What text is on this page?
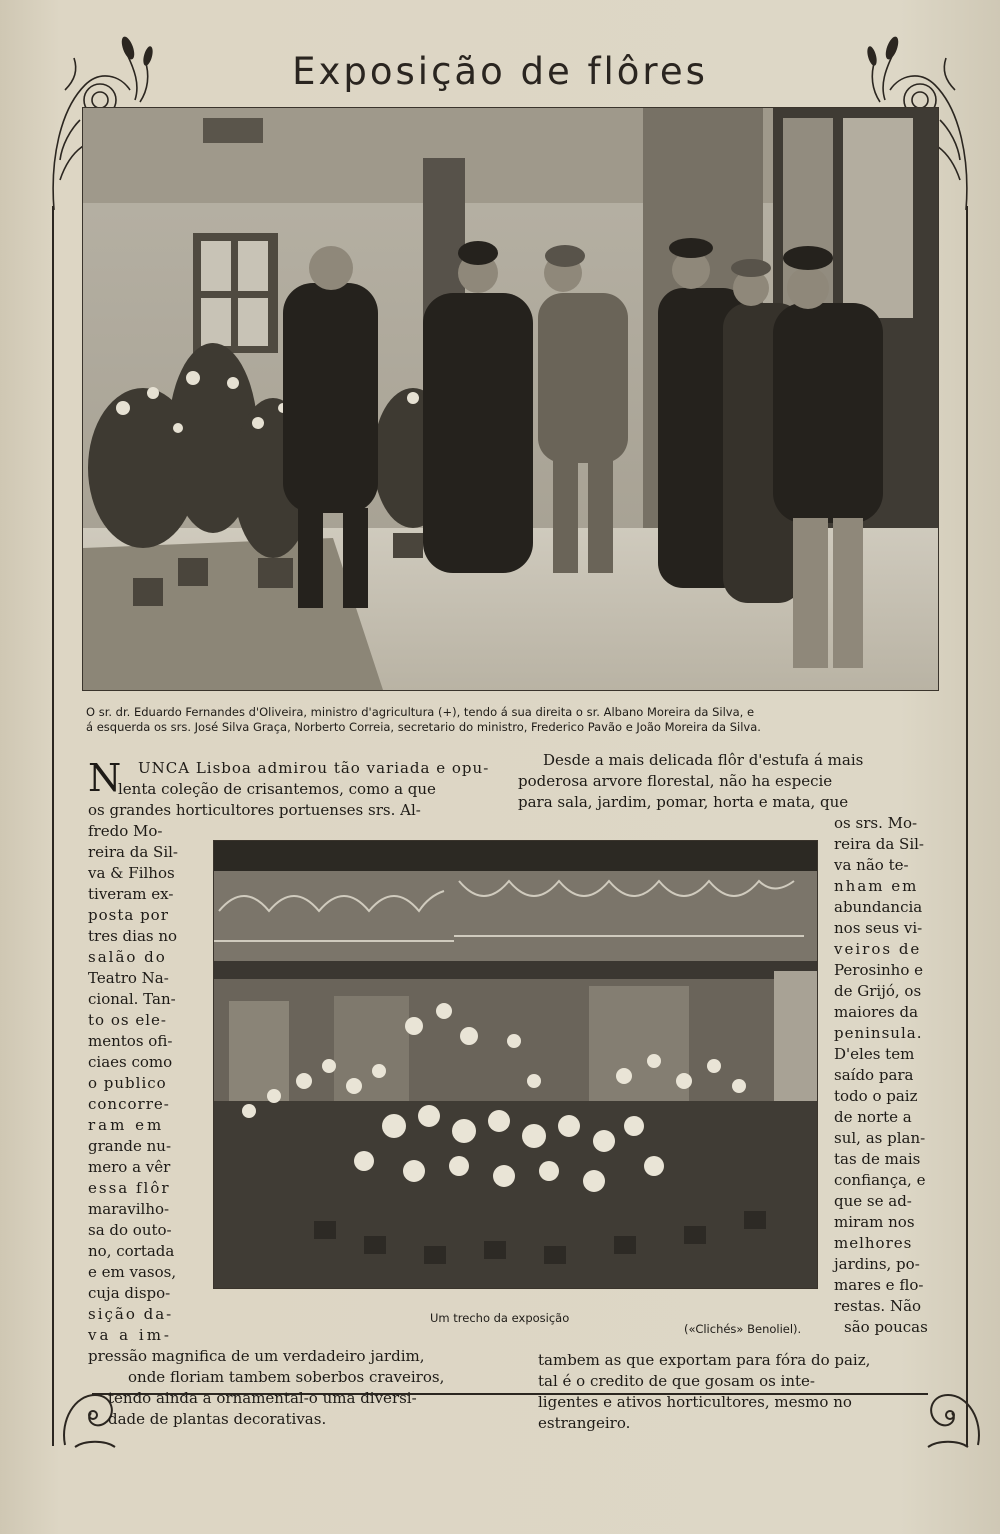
Exposição de flôres
O sr. dr. Eduardo Fernandes d'Oliveira, ministro d'agricultura (+), tendo á sua direita o sr. Albano Moreira da Silva, e
á esquerda os srs. José Silva Graça, Norberto Correia, secretario do ministro, Frederico Pavão e João Moreira da Silva.
N UNCA Lisboa admirou tão variada e opu-
lenta coleção de crisantemos, como a que
os grandes horticultores portuenses srs. Al-
fredo Mo-
reira da Sil-
va & Filhos
tiveram ex-
posta por
tres dias no
salão do
Teatro Na-
cional. Tan-
to os ele-
mentos ofi-
ciaes como
o publico
concorre-
ram em
grande nu-
mero a vêr
essa flôr
maravilho-
sa do outo-
no, cortada
e em vasos,
cuja dispo-
sição da-
va a im-
pressão magnifica de um verdadeiro jardim,
onde floriam tambem soberbos craveiros,
tendo ainda a ornamental-o uma diversi-
dade de plantas decorativas.
Desde a mais delicada flôr d'estufa á mais
poderosa arvore florestal, não ha especie
para sala, jardim, pomar, horta e mata, que
os srs. Mo-
reira da Sil-
va não te-
nham em
abundancia
nos seus vi-
veiros de
Perosinho e
de Grijó, os
maiores da
peninsula.
D'eles tem
saído para
todo o paiz
de norte a
sul, as plan-
tas de mais
confiança, e
que se ad-
miram nos
melhores
jardins, po-
mares e flo-
restas. Não
são poucas
tambem as que exportam para fóra do paiz,
tal é o credito de que gosam os inte-
ligentes e ativos horticultores, mesmo no
estrangeiro.
Um trecho da exposição
(«Clichés» Benoliel).
